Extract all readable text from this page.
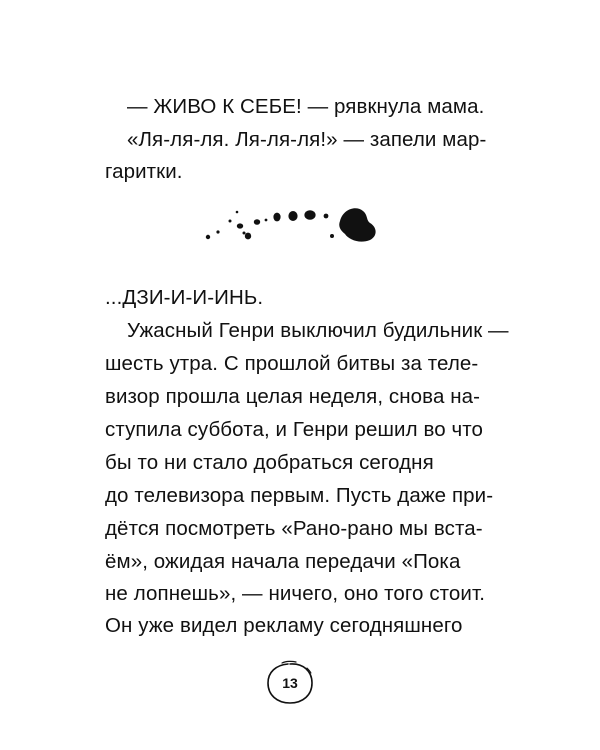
— ЖИВО К СЕБЕ! — рявкнула мама.
«Ля-ля-ля. Ля-ля-ля!» — запели мар-
гаритки.
...ДЗИ-И-И-ИНЬ.
Ужасный Генри выключил будильник —
шесть утра. С прошлой битвы за теле-
визор прошла целая неделя, снова на-
ступила суббота, и Генри решил во что
бы то ни стало добраться сегодня
до телевизора первым. Пусть даже при-
дётся посмотреть «Рано-рано мы вста-
ём», ожидая начала передачи «Пока
не лопнешь», — ничего, оно того стоит.
Он уже видел рекламу сегодняшнего
13
